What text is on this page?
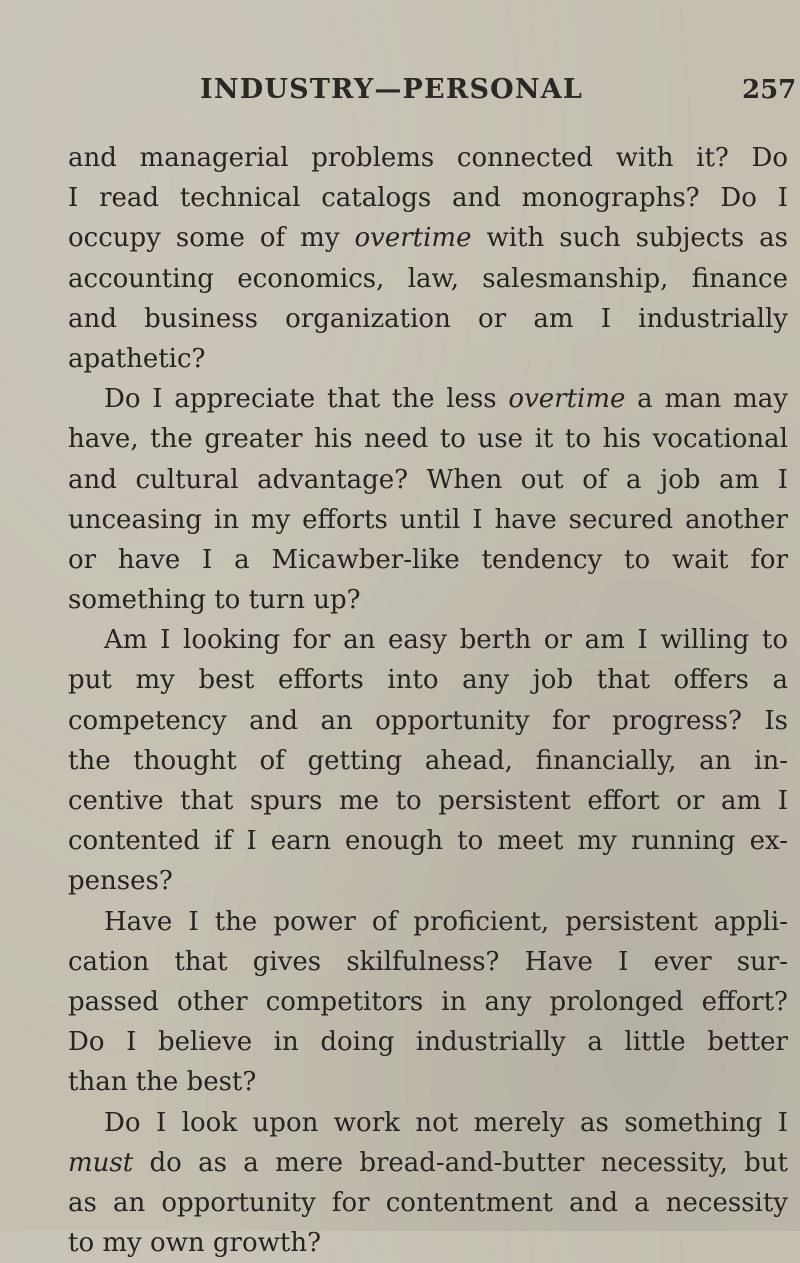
INDUSTRY—PERSONAL	257
and managerial problems connected with it? Do
I read technical catalogs and monographs? Do I
occupy some of my overtime with such subjects as
accounting economics, law, salesmanship, finance
and business organization or am I industrially
apathetic?
Do I appreciate that the less overtime a man may
have, the greater his need to use it to his vocational
and cultural advantage? When out of a job am I
unceasing in my efforts until I have secured another
or have I a Micawber-like tendency to wait for
something to turn up?
Am I looking for an easy berth or am I willing to
put my best efforts into any job that offers a
competency and an opportunity for progress? Is
the thought of getting ahead, financially, an in-
centive that spurs me to persistent effort or am I
contented if I earn enough to meet my running ex-
penses?
Have I the power of proficient, persistent appli-
cation that gives skilfulness? Have I ever sur-
passed other competitors in any prolonged effort?
Do I believe in doing industrially a little better
than the best?
Do I look upon work not merely as something I
must do as a mere bread-and-butter necessity, but
as an opportunity for contentment and a necessity
to my own growth?
